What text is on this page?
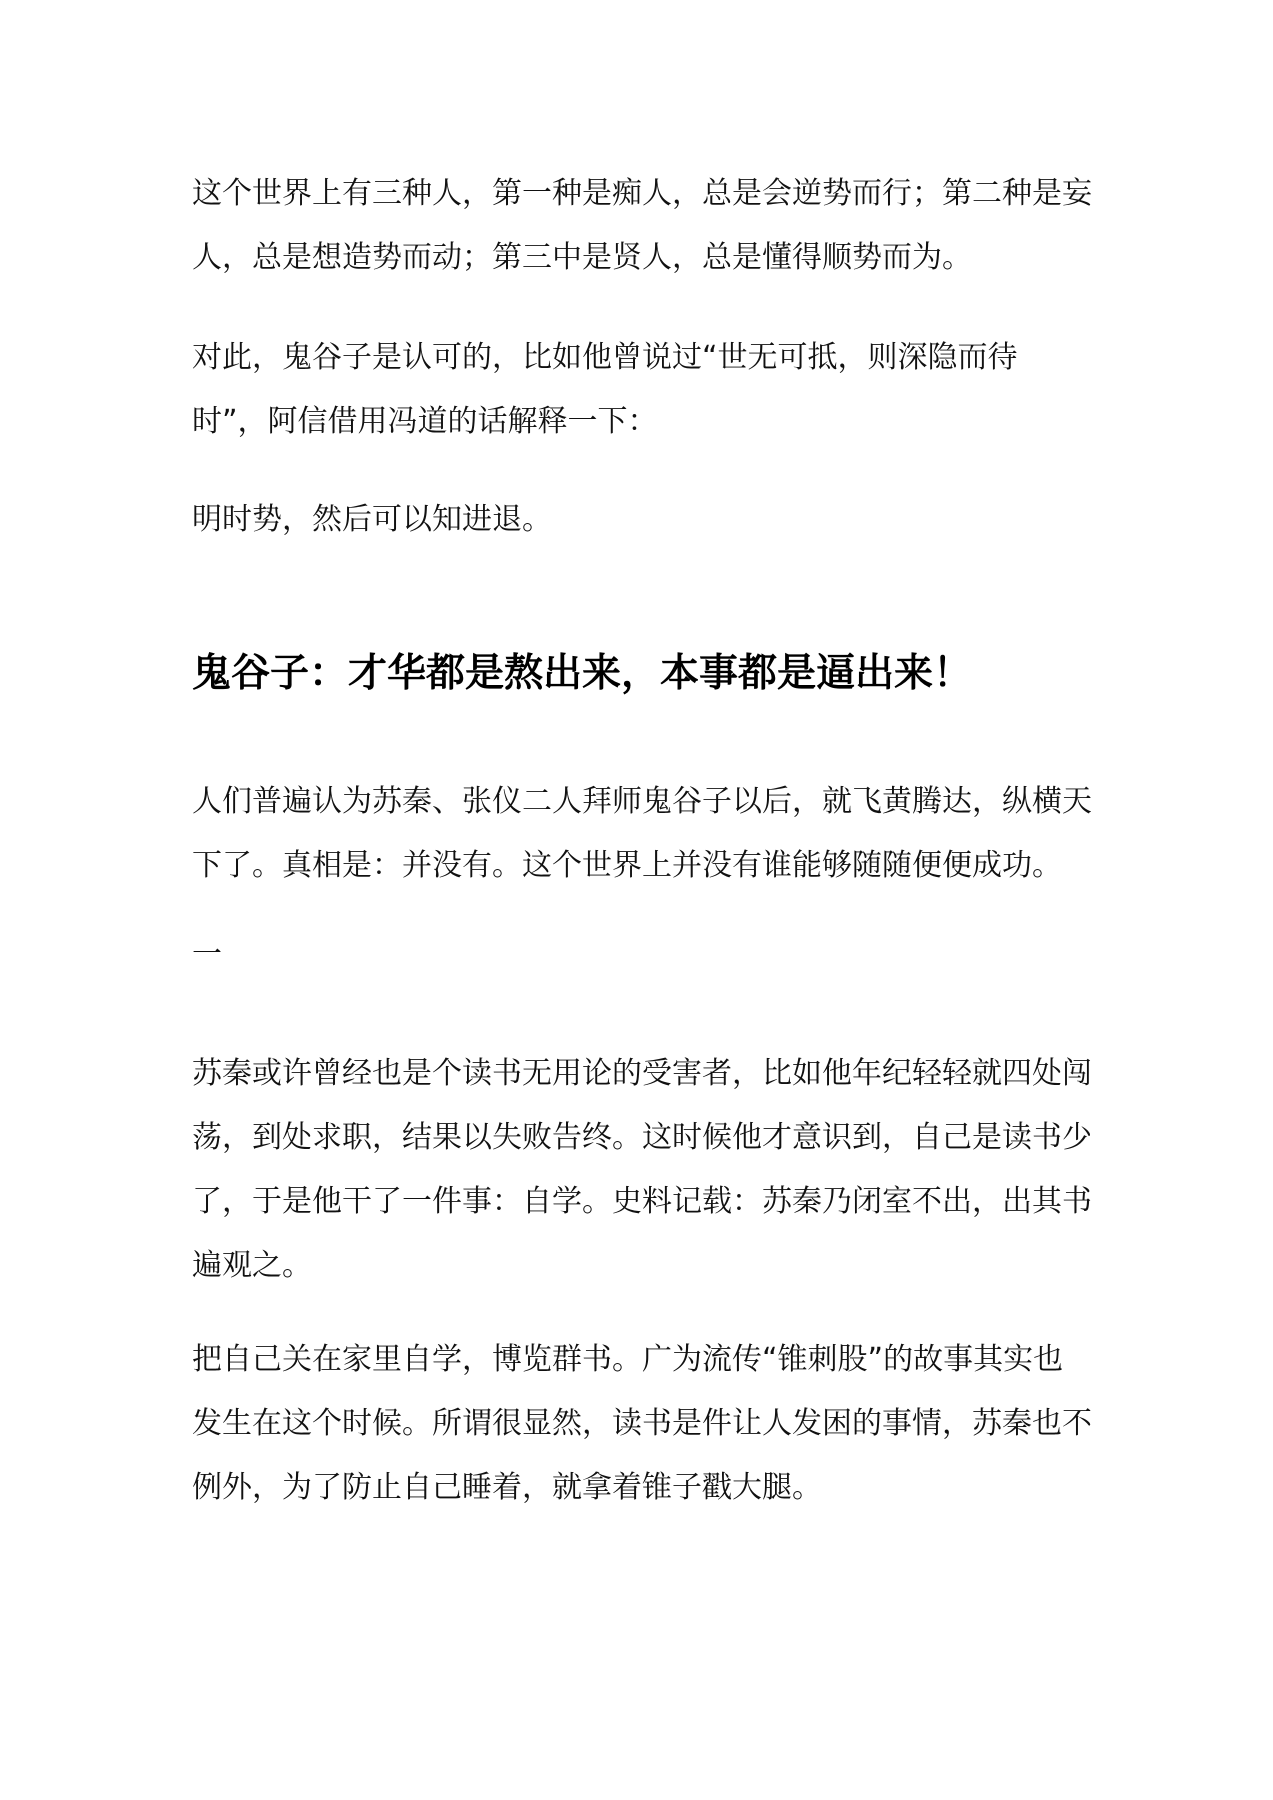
这个世界上有三种人，第一种是痴人，总是会逆势而行；第二种是妄人，总是想造势而动；第三中是贤人，总是懂得顺势而为。

对此，鬼谷子是认可的，比如他曾说过“世无可抵，则深隐而待时”，阿信借用冯道的话解释一下：

明时势，然后可以知进退。

鬼谷子：才华都是熬出来，本事都是逼出来！

人们普遍认为苏秦、张仪二人拜师鬼谷子以后，就飞黄腾达，纵横天下了。真相是：并没有。这个世界上并没有谁能够随随便便成功。

一

苏秦或许曾经也是个读书无用论的受害者，比如他年纪轻轻就四处闯荡，到处求职，结果以失败告终。这时候他才意识到，自己是读书少了，于是他干了一件事：自学。史料记载：苏秦乃闭室不出，出其书遍观之。

把自己关在家里自学，博览群书。广为流传“锥刺股”的故事其实也发生在这个时候。所谓很显然，读书是件让人发困的事情，苏秦也不例外，为了防止自己睡着，就拿着锥子戳大腿。
